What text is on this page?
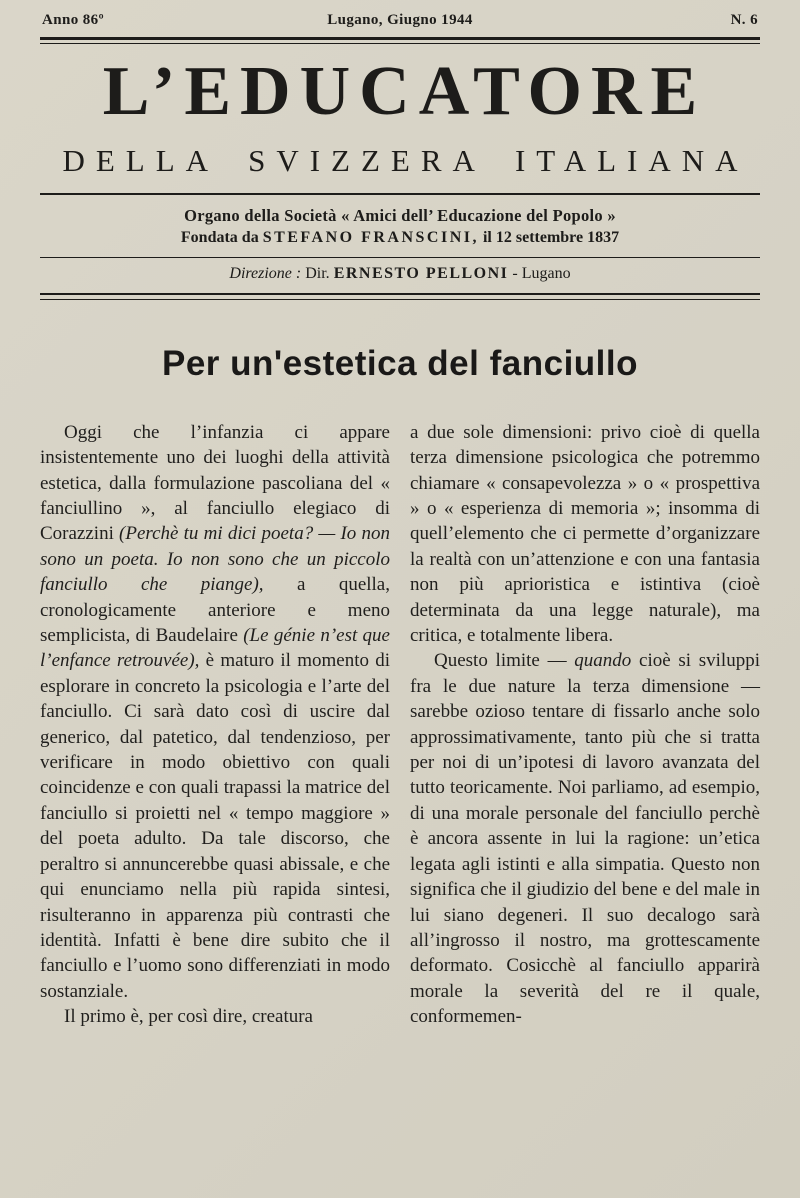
Anno 86º	Lugano, Giugno 1944	N. 6
L’EDUCATORE
DELLA SVIZZERA ITALIANA

Organo della Società « Amici dell’ Educazione del Popolo »

Fondata da STEFANO FRANSCINI, il 12 settembre 1837

Direzione : Dir. ERNESTO PELLONI - Lugano

Per un'estetica del fanciullo

Oggi che l’infanzia ci appare insistentemente uno dei luoghi della attività estetica, dalla formulazione pascoliana del « fanciullino », al fanciullo elegiaco di Corazzini (Perchè tu mi dici poeta? — Io non sono un poeta. Io non sono che un piccolo fanciullo che piange), a quella, cronologicamente anteriore e meno semplicista, di Baudelaire (Le génie n’est que l’enfance retrouvée), è maturo il momento di esplorare in concreto la psicologia e l’arte del fanciullo. Ci sarà dato così di uscire dal generico, dal patetico, dal tendenzioso, per verificare in modo obiettivo con quali coincidenze e con quali trapassi la matrice del fanciullo si proietti nel « tempo maggiore » del poeta adulto. Da tale discorso, che peraltro si annuncerebbe quasi abissale, e che qui enunciamo nella più rapida sintesi, risulteranno in apparenza più contrasti che identità. Infatti è bene dire subito che il fanciullo e l’uomo sono differenziati in modo sostanziale.

Il primo è, per così dire, creatura

a due sole dimensioni: privo cioè di quella terza dimensione psicologica che potremmo chiamare « consapevolezza » o « prospettiva » o « esperienza di memoria »; insomma di quell’elemento che ci permette d’organizzare la realtà con un’attenzione e con una fantasia non più aprioristica e istintiva (cioè determinata da una legge naturale), ma critica, e totalmente libera.

Questo limite — quando cioè si sviluppi fra le due nature la terza dimensione — sarebbe ozioso tentare di fissarlo anche solo approssimativamente, tanto più che si tratta per noi di un’ipotesi di lavoro avanzata del tutto teoricamente. Noi parliamo, ad esempio, di una morale personale del fanciullo perchè è ancora assente in lui la ragione: un’etica legata agli istinti e alla simpatia. Questo non significa che il giudizio del bene e del male in lui siano degeneri. Il suo decalogo sarà all’ingrosso il nostro, ma grottescamente deformato. Cosicchè al fanciullo apparirà morale la severità del re il quale, conformemen-
